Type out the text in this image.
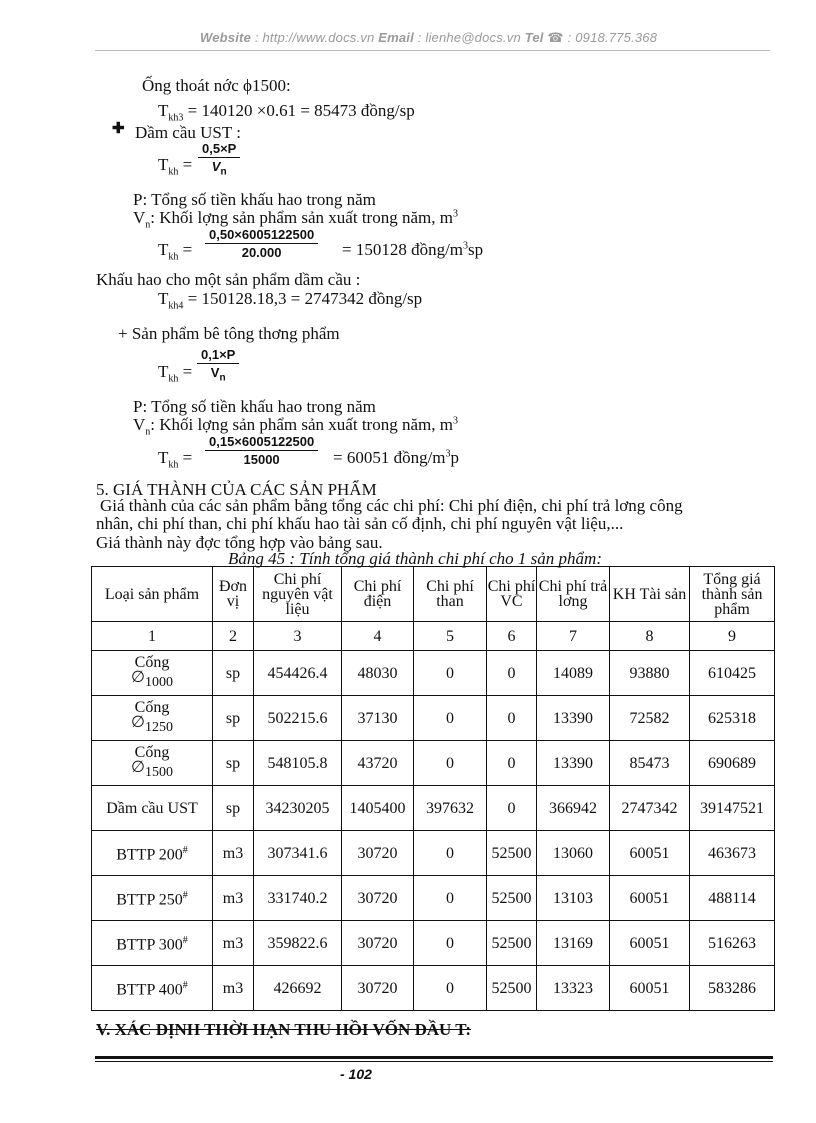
Website : http://www.docs.vn Email : lienhe@docs.vn Tel ☎ : 0918.775.368
Ống thoát nớc ϕ1500:
$T_{kh3} = 140120 \times 0.61 = 85473$ đồng/sp
✚ Dầm cầu UST :
$T_{kh}$ =
0,5×P
$V_n$
P: Tổng số tiền khấu hao trong năm
$V_n$: Khối lợng sản phẩm sản xuất trong năm, $m^3$
$T_{kh}$ =
0,50×6005122500
20.000	= 150128 đồng/$m^3sp$
Khấu hao cho một sản phẩm dầm cầu :
$T_{kh4} = 150128.18,3 = 2747342$ đồng/sp
+ Sản phẩm bê tông thơng phẩm
$T_{kh}$ =
0,1×P
$V_n$
P: Tổng số tiền khấu hao trong năm
$V_n$: Khối lợng sản phẩm sản xuất trong năm, $m^3$
$T_{kh}$ =
0,15×6005122500
15000	= 60051 đồng/$m^3p$
5. GIÁ THÀNH CỦA CÁC SẢN PHẨM
Giá thành của các sản phẩm bằng tổng các chi phí: Chi phí điện, chi phí trả lơng công
nhân, chi phí than, chi phí khấu hao tài sản cố định, chi phí nguyên vật liệu,...
Giá thành này đợc tổng hợp vào bảng sau.
Bảng 45 : Tính tổng giá thành chi phí cho 1 sản phẩm:
Loại sản phẩm	Đơn vị	Chi phí nguyên vật liệu	Chi phí điện	Chi phí than	Chi phí VC	Chi phí trả lơng	KH Tài sản	Tổng giá thành sản phẩm
1	2	3	4	5	6	7	8	9
Cống
$\emptyset_{1000}$	sp	454426.4	48030	0	0	14089	93880	610425
Cống
$\emptyset_{1250}$	sp	502215.6	37130	0	0	13390	72582	625318
Cống
$\emptyset_{1500}$	sp	548105.8	43720	0	0	13390	85473	690689
Dầm cầu UST	sp	34230205	1405400	397632	0	366942	2747342	39147521
BTTP 200#	m3	307341.6	30720	0	52500	13060	60051	463673
BTTP 250#	m3	331740.2	30720	0	52500	13103	60051	488114
BTTP 300#	m3	359822.6	30720	0	52500	13169	60051	516263
BTTP 400#	m3	426692	30720	0	52500	13323	60051	583286
V. XÁC ĐỊNH THỜI HẠN THU HỒI VỐN ĐẦU T:
- 102
